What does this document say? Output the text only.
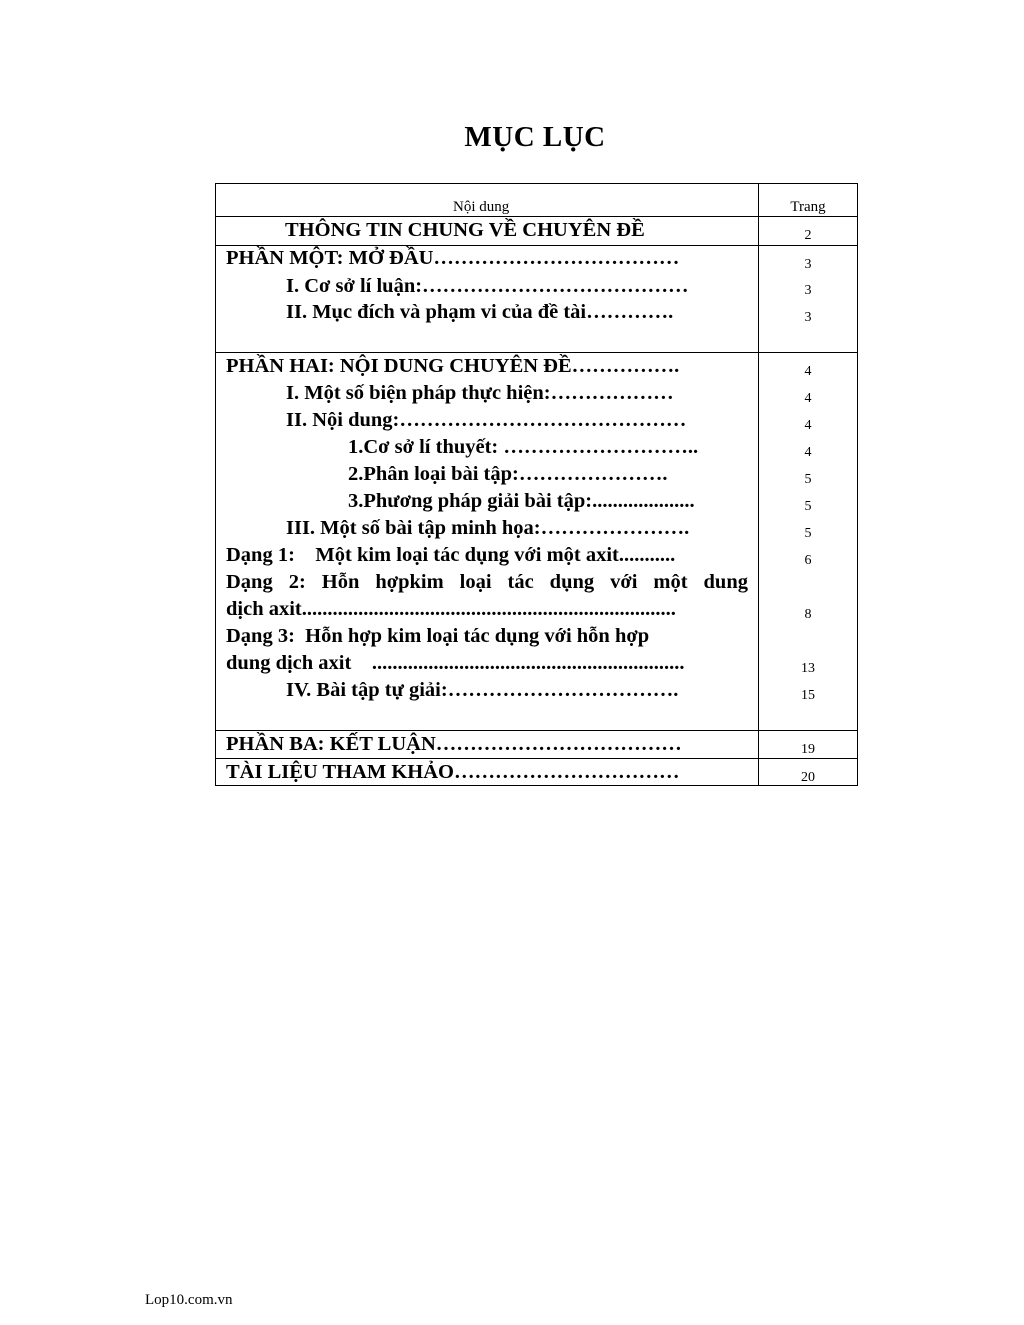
MỤC LỤC
Nội dung	Trang
THÔNG TIN CHUNG VỀ CHUYÊN ĐỀ	2
PHẦN MỘT: MỞ ĐẦU………………………………	3
I. Cơ sở lí luận:…………………………………	3
II. Mục đích và phạm vi của đề tài………….	3
PHẦN HAI: NỘI DUNG CHUYÊN ĐỀ…………….	4
I. Một số biện pháp thực hiện:………………	4
II. Nội dung:……………………………………	4
1.Cơ sở lí thuyết: ………………………..	4
2.Phân loại bài tập:………………….	5
3.Phương pháp giải bài tập:....................	5
III. Một số bài tập minh họa:………………….	5
Dạng 1:    Một kim loại tác dụng với một axit...........	6
Dạng 2: Hỗn hợpkim loại tác dụng với một dung
dịch axit.........................................................................	8
Dạng 3:  Hỗn hợp kim loại tác dụng với hỗn hợp
dung dịch axit    .............................................................	13
IV. Bài tập tự giải:…………………………….	15
PHẦN BA: KẾT LUẬN………………………………	19
TÀI LIỆU THAM KHẢO……………………………	20
Lop10.com.vn
